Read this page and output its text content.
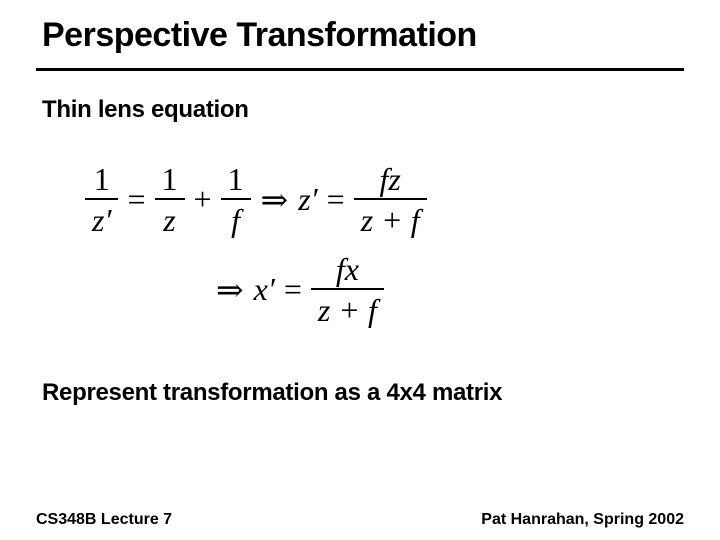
Perspective Transformation
Thin lens equation
$\frac{1}{z'} = \frac{1}{z} + \frac{1}{f}$ ⇒ $z' = \frac{fz}{z + f}$
⇒ $x' = \frac{fx}{z + f}$
Represent transformation as a 4x4 matrix
CS348B Lecture 7	Pat Hanrahan, Spring 2002
